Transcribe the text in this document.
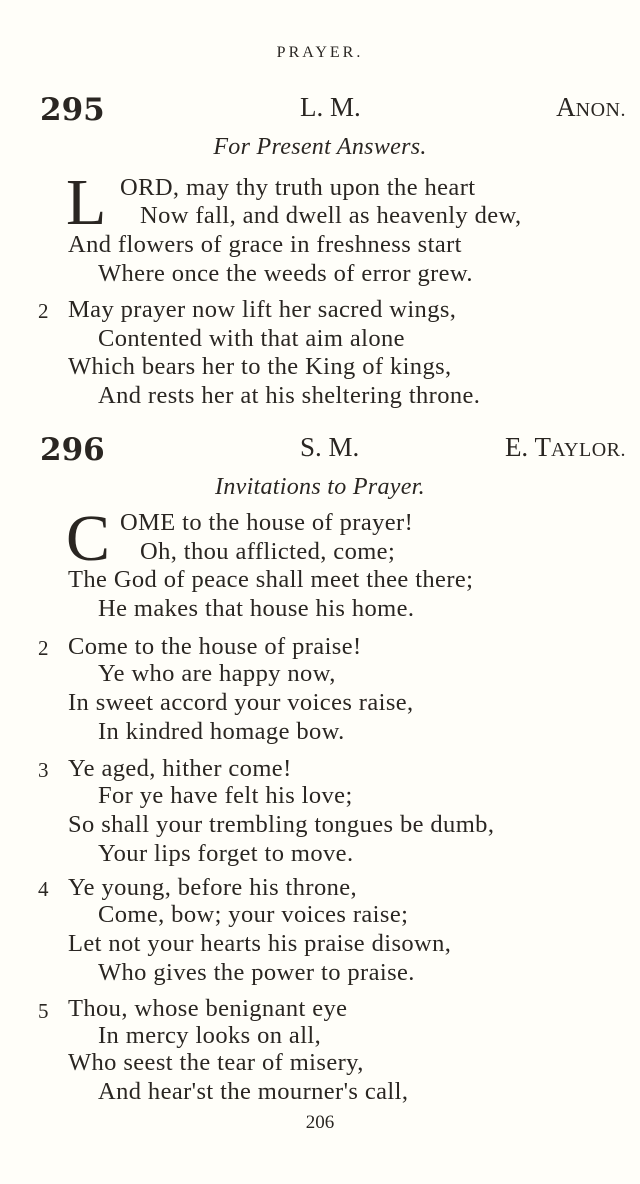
PRAYER.
295	L. M.	ANON.
For Present Answers.
L ORD, may thy truth upon the heart
Now fall, and dwell as heavenly dew,
And flowers of grace in freshness start
Where once the weeds of error grew.
2 May prayer now lift her sacred wings,
Contented with that aim alone
Which bears her to the King of kings,
And rests her at his sheltering throne.
296	S. M.	E. TAYLOR.
Invitations to Prayer.
C OME to the house of prayer!
Oh, thou afflicted, come;
The God of peace shall meet thee there;
He makes that house his home.
2 Come to the house of praise!
Ye who are happy now,
In sweet accord your voices raise,
In kindred homage bow.
3 Ye aged, hither come!
For ye have felt his love;
So shall your trembling tongues be dumb,
Your lips forget to move.
4 Ye young, before his throne,
Come, bow; your voices raise;
Let not your hearts his praise disown,
Who gives the power to praise.
5 Thou, whose benignant eye
In mercy looks on all,
Who seest the tear of misery,
And hear'st the mourner's call,
206
